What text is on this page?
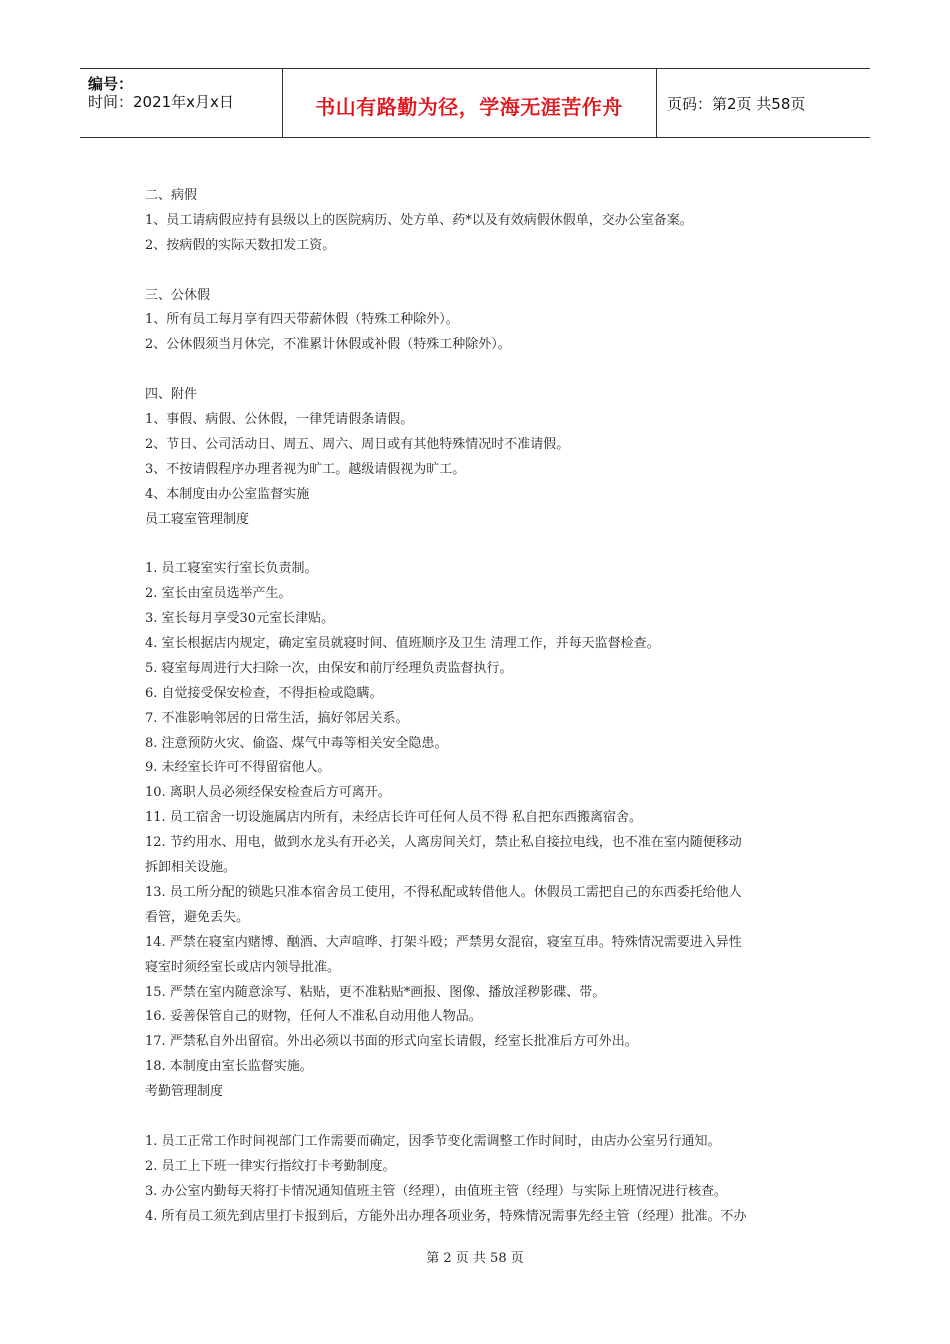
编号：
时间：2021年x月x日	书山有路勤为径，学海无涯苦作舟	页码：第2页 共58页
二、病假
1、员工请病假应持有县级以上的医院病历、处方单、药*以及有效病假休假单，交办公室备案。
2、按病假的实际天数扣发工资。
三、公休假
1、所有员工每月享有四天带薪休假（特殊工种除外）。
2、公休假须当月休完，不准累计休假或补假（特殊工种除外）。
四、附件
1、事假、病假、公休假，一律凭请假条请假。
2、节日、公司活动日、周五、周六、周日或有其他特殊情况时不准请假。
3、不按请假程序办理者视为旷工。越级请假视为旷工。
4、本制度由办公室监督实施
员工寝室管理制度
1. 员工寝室实行室长负责制。
2. 室长由室员选举产生。
3. 室长每月享受30元室长津贴。
4. 室长根据店内规定，确定室员就寝时间、值班顺序及卫生 清理工作，并每天监督检查。
5. 寝室每周进行大扫除一次，由保安和前厅经理负责监督执行。
6. 自觉接受保安检查，不得拒检或隐瞒。
7. 不准影响邻居的日常生活，搞好邻居关系。
8. 注意预防火灾、偷盗、煤气中毒等相关安全隐患。
9. 未经室长许可不得留宿他人。
10. 离职人员必须经保安检查后方可离开。
11. 员工宿舍一切设施属店内所有，未经店长许可任何人员不得 私自把东西搬离宿舍。
12. 节约用水、用电，做到水龙头有开必关，人离房间关灯，禁止私自接拉电线，也不准在室内随便移动
拆卸相关设施。
13. 员工所分配的锁匙只准本宿舍员工使用，不得私配或转借他人。休假员工需把自己的东西委托给他人
看管，避免丢失。
14. 严禁在寝室内赌博、酗酒、大声喧哗、打架斗殴；严禁男女混宿，寝室互串。特殊情况需要进入异性
寝室时须经室长或店内领导批准。
15. 严禁在室内随意涂写、粘贴，更不准粘贴*画报、图像、播放淫秽影碟、带。
16. 妥善保管自己的财物，任何人不准私自动用他人物品。
17. 严禁私自外出留宿。外出必须以书面的形式向室长请假，经室长批准后方可外出。
18. 本制度由室长监督实施。
考勤管理制度
1. 员工正常工作时间视部门工作需要而确定，因季节变化需调整工作时间时，由店办公室另行通知。
2. 员工上下班一律实行指纹打卡考勤制度。
3. 办公室内勤每天将打卡情况通知值班主管（经理），由值班主管（经理）与实际上班情况进行核查。
4. 所有员工须先到店里打卡报到后，方能外出办理各项业务，特殊情况需事先经主管（经理）批准。不办
第 2 页 共 58 页
